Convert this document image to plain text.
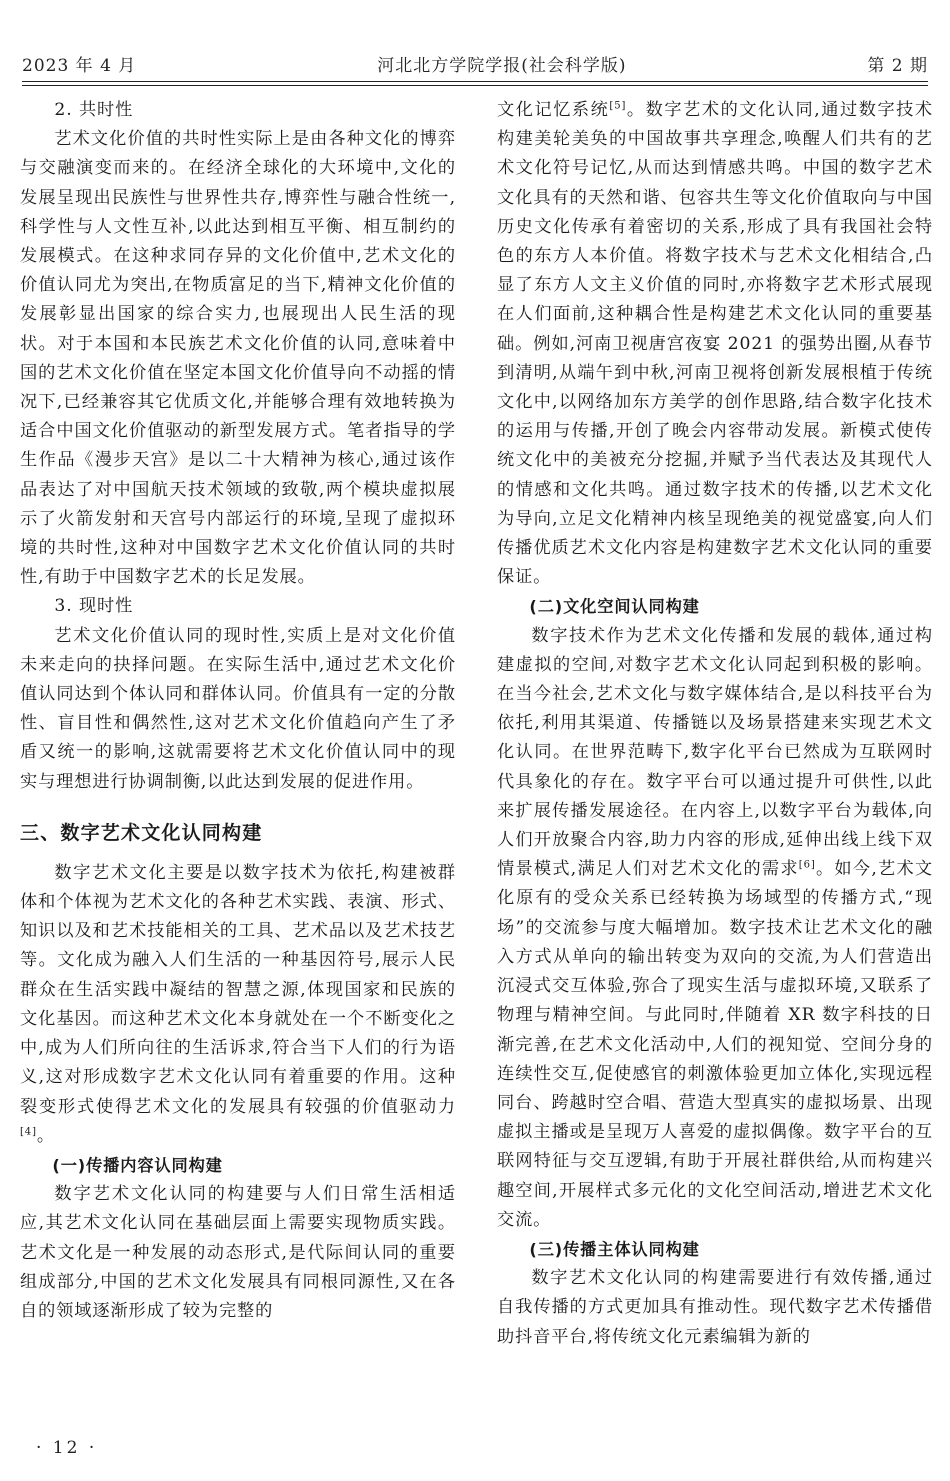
2023 年 4 月	河北北方学院学报(社会科学版)	第 2 期

2. 共时性

艺术文化价值的共时性实际上是由各种文化的博弈与交融演变而来的。在经济全球化的大环境中,文化的发展呈现出民族性与世界性共存,博弈性与融合性统一,科学性与人文性互补,以此达到相互平衡、相互制约的发展模式。在这种求同存异的文化价值中,艺术文化的价值认同尤为突出,在物质富足的当下,精神文化价值的发展彰显出国家的综合实力,也展现出人民生活的现状。对于本国和本民族艺术文化价值的认同,意味着中国的艺术文化价值在坚定本国文化价值导向不动摇的情况下,已经兼容其它优质文化,并能够合理有效地转换为适合中国文化价值驱动的新型发展方式。笔者指导的学生作品《漫步天宫》是以二十大精神为核心,通过该作品表达了对中国航天技术领域的致敬,两个模块虚拟展示了火箭发射和天宫号内部运行的环境,呈现了虚拟环境的共时性,这种对中国数字艺术文化价值认同的共时性,有助于中国数字艺术的长足发展。

3. 现时性

艺术文化价值认同的现时性,实质上是对文化价值未来走向的抉择问题。在实际生活中,通过艺术文化价值认同达到个体认同和群体认同。价值具有一定的分散性、盲目性和偶然性,这对艺术文化价值趋向产生了矛盾又统一的影响,这就需要将艺术文化价值认同中的现实与理想进行协调制衡,以此达到发展的促进作用。

三、数字艺术文化认同构建

数字艺术文化主要是以数字技术为依托,构建被群体和个体视为艺术文化的各种艺术实践、表演、形式、知识以及和艺术技能相关的工具、艺术品以及艺术技艺等。文化成为融入人们生活的一种基因符号,展示人民群众在生活实践中凝结的智慧之源,体现国家和民族的文化基因。而这种艺术文化本身就处在一个不断变化之中,成为人们所向往的生活诉求,符合当下人们的行为语义,这对形成数字艺术文化认同有着重要的作用。这种裂变形式使得艺术文化的发展具有较强的价值驱动力[4]。

(一)传播内容认同构建

数字艺术文化认同的构建要与人们日常生活相适应,其艺术文化认同在基础层面上需要实现物质实践。艺术文化是一种发展的动态形式,是代际间认同的重要组成部分,中国的艺术文化发展具有同根同源性,又在各自的领域逐渐形成了较为完整的

文化记忆系统[5]。数字艺术的文化认同,通过数字技术构建美轮美奂的中国故事共享理念,唤醒人们共有的艺术文化符号记忆,从而达到情感共鸣。中国的数字艺术文化具有的天然和谐、包容共生等文化价值取向与中国历史文化传承有着密切的关系,形成了具有我国社会特色的东方人本价值。将数字技术与艺术文化相结合,凸显了东方人文主义价值的同时,亦将数字艺术形式展现在人们面前,这种耦合性是构建艺术文化认同的重要基础。例如,河南卫视唐宫夜宴 2021 的强势出圈,从春节到清明,从端午到中秋,河南卫视将创新发展根植于传统文化中,以网络加东方美学的创作思路,结合数字化技术的运用与传播,开创了晚会内容带动发展。新模式使传统文化中的美被充分挖掘,并赋予当代表达及其现代人的情感和文化共鸣。通过数字技术的传播,以艺术文化为导向,立足文化精神内核呈现绝美的视觉盛宴,向人们传播优质艺术文化内容是构建数字艺术文化认同的重要保证。

(二)文化空间认同构建

数字技术作为艺术文化传播和发展的载体,通过构建虚拟的空间,对数字艺术文化认同起到积极的影响。在当今社会,艺术文化与数字媒体结合,是以科技平台为依托,利用其渠道、传播链以及场景搭建来实现艺术文化认同。在世界范畴下,数字化平台已然成为互联网时代具象化的存在。数字平台可以通过提升可供性,以此来扩展传播发展途径。在内容上,以数字平台为载体,向人们开放聚合内容,助力内容的形成,延伸出线上线下双情景模式,满足人们对艺术文化的需求[6]。如今,艺术文化原有的受众关系已经转换为场域型的传播方式,“现场”的交流参与度大幅增加。数字技术让艺术文化的融入方式从单向的输出转变为双向的交流,为人们营造出沉浸式交互体验,弥合了现实生活与虚拟环境,又联系了物理与精神空间。与此同时,伴随着 XR 数字科技的日渐完善,在艺术文化活动中,人们的视知觉、空间分身的连续性交互,促使感官的刺激体验更加立体化,实现远程同台、跨越时空合唱、营造大型真实的虚拟场景、出现虚拟主播或是呈现万人喜爱的虚拟偶像。数字平台的互联网特征与交互逻辑,有助于开展社群供给,从而构建兴趣空间,开展样式多元化的文化空间活动,增进艺术文化交流。

(三)传播主体认同构建

数字艺术文化认同的构建需要进行有效传播,通过自我传播的方式更加具有推动性。现代数字艺术传播借助抖音平台,将传统文化元素编辑为新的

· 12 ·
